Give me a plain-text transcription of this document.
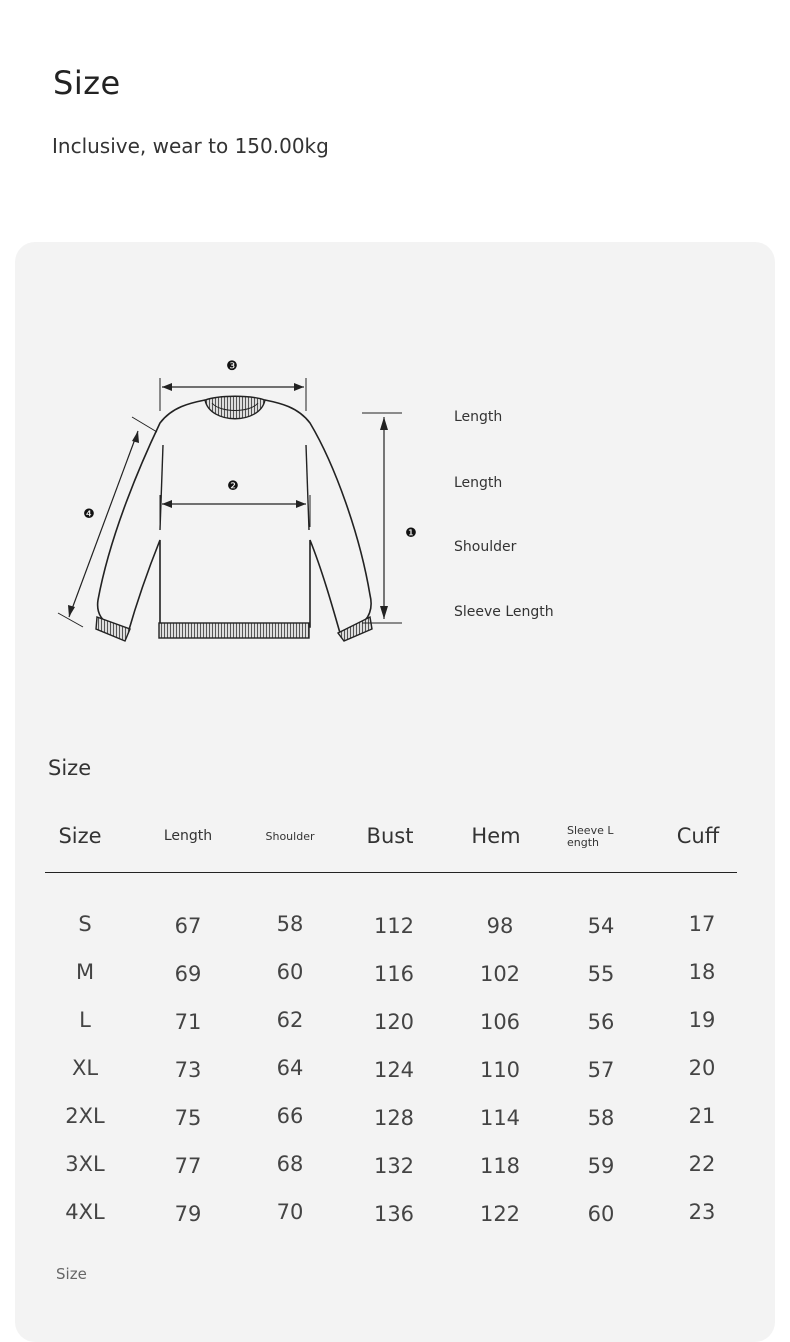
Size
Inclusive, wear to 150.00kg
❸
❷
❹
❶
Length
Length
Shoulder
Sleeve Length
Size
Size	Length	Shoulder	Bust	Hem	Sleeve L
ength	Cuff
S	67	58	112	98	54	17
M	69	60	116	102	55	18
L	71	62	120	106	56	19
XL	73	64	124	110	57	20
2XL	75	66	128	114	58	21
3XL	77	68	132	118	59	22
4XL	79	70	136	122	60	23
Size
